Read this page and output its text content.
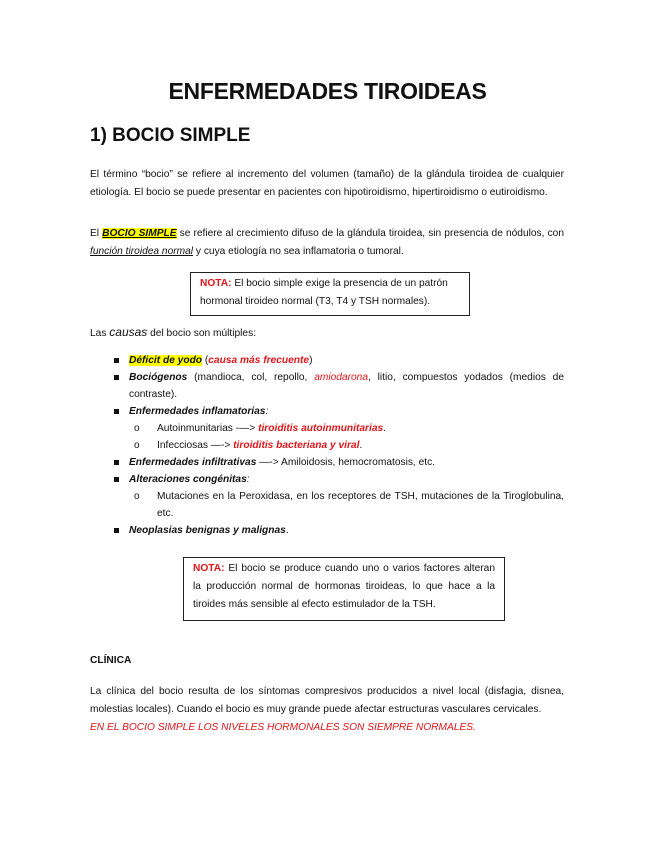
ENFERMEDADES TIROIDEAS
1) BOCIO SIMPLE

El término “bocio” se refiere al incremento del volumen (tamaño) de la glándula tiroidea de cualquier etiología. El bocio se puede presentar en pacientes con hipotiroidismo, hipertiroidismo o eutiroidismo.

El BOCIO SIMPLE se refiere al crecimiento difuso de la glándula tiroidea, sin presencia de nódulos, con función tiroidea normal y cuya etiología no sea inflamatoria o tumoral.

NOTA: El bocio simple exige la presencia de un patrón hormonal tiroideo normal (T3, T4 y TSH normales).

Las causas del bocio son múltiples:

Déficit de yodo (causa más frecuente)
Bociógenos (mandioca, col, repollo, amiodarona, litio, compuestos yodados (medios de contraste).
Enfermedades inflamatorias:
o Autoinmunitarias -—> tiroiditis autoinmunitarias.
o Infecciosas —-> tiroiditis bacteriana y viral.
Enfermedades infiltrativas —-> Amiloidosis, hemocromatosis, etc.
Alteraciones congénitas:
o Mutaciones en la Peroxidasa, en los receptores de TSH, mutaciones de la Tiroglobulina, etc.
Neoplasias benignas y malignas.
NOTA: El bocio se produce cuando uno o varios factores alteran la producción normal de hormonas tiroideas, lo que hace a la tiroides más sensible al efecto estimulador de la TSH.
CLÍNICA

La clínica del bocio resulta de los síntomas compresivos producidos a nivel local (disfagia, disnea, molestias locales). Cuando el bocio es muy grande puede afectar estructuras vasculares cervicales.
EN EL BOCIO SIMPLE LOS NIVELES HORMONALES SON SIEMPRE NORMALES.
